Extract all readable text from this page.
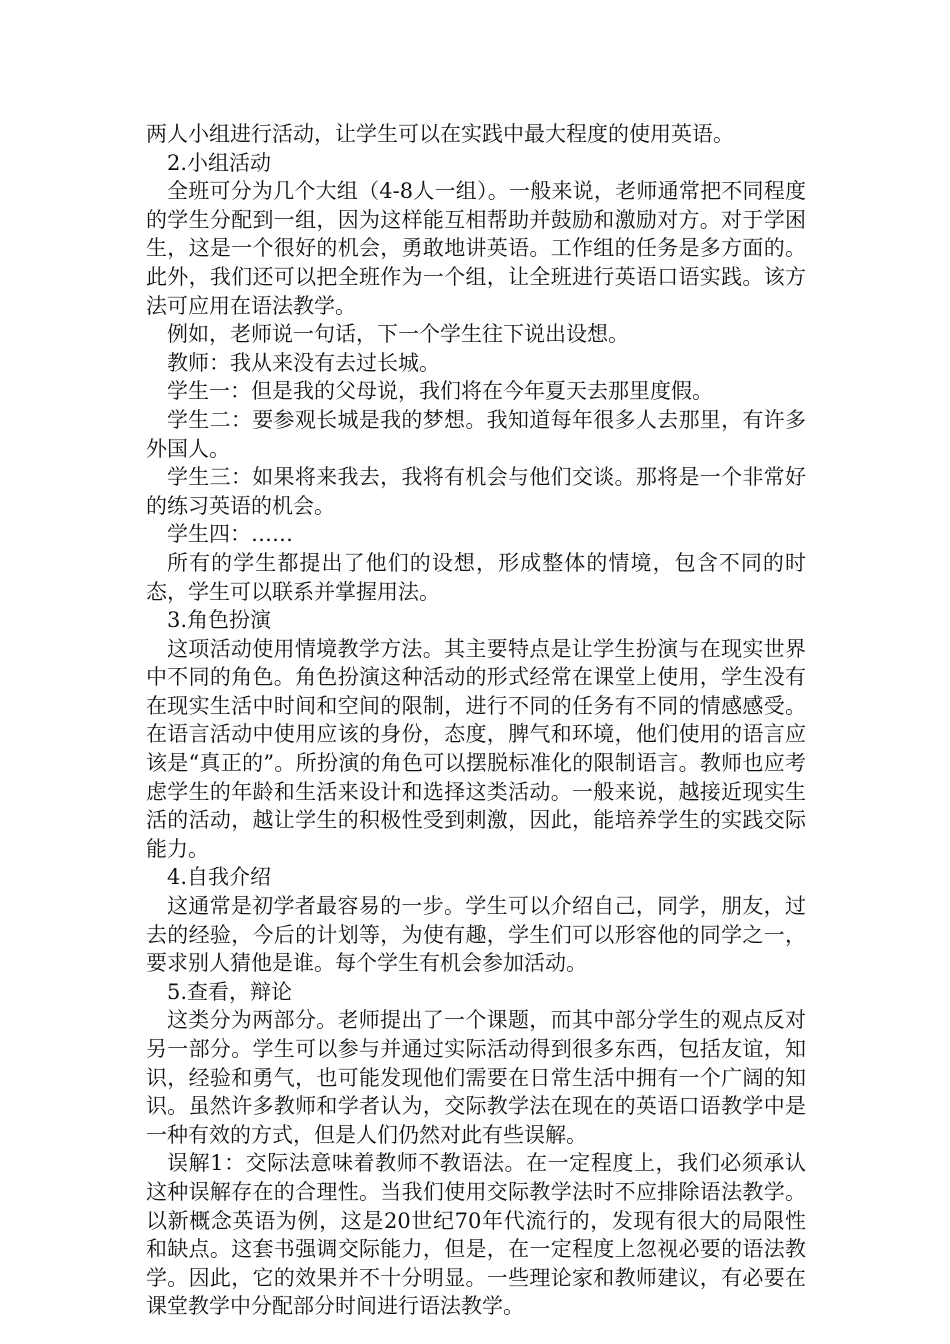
两人小组进行活动，让学生可以在实践中最大程度的使用英语。

2.小组活动

全班可分为几个大组（4-8人一组）。一般来说，老师通常把不同程度的学生分配到一组，因为这样能互相帮助并鼓励和激励对方。对于学困生，这是一个很好的机会，勇敢地讲英语。工作组的任务是多方面的。此外，我们还可以把全班作为一个组，让全班进行英语口语实践。该方法可应用在语法教学。

例如，老师说一句话，下一个学生往下说出设想。

教师：我从来没有去过长城。

学生一：但是我的父母说，我们将在今年夏天去那里度假。

学生二：要参观长城是我的梦想。我知道每年很多人去那里，有许多外国人。

学生三：如果将来我去，我将有机会与他们交谈。那将是一个非常好的练习英语的机会。

学生四：……

所有的学生都提出了他们的设想，形成整体的情境，包含不同的时态，学生可以联系并掌握用法。

3.角色扮演

这项活动使用情境教学方法。其主要特点是让学生扮演与在现实世界中不同的角色。角色扮演这种活动的形式经常在课堂上使用，学生没有在现实生活中时间和空间的限制，进行不同的任务有不同的情感感受。在语言活动中使用应该的身份，态度，脾气和环境，他们使用的语言应该是“真正的”。所扮演的角色可以摆脱标准化的限制语言。教师也应考虑学生的年龄和生活来设计和选择这类活动。一般来说，越接近现实生活的活动，越让学生的积极性受到刺激，因此，能培养学生的实践交际能力。

4.自我介绍

这通常是初学者最容易的一步。学生可以介绍自己，同学，朋友，过去的经验，今后的计划等，为使有趣，学生们可以形容他的同学之一，要求别人猜他是谁。每个学生有机会参加活动。

5.查看，辩论

这类分为两部分。老师提出了一个课题，而其中部分学生的观点反对另一部分。学生可以参与并通过实际活动得到很多东西，包括友谊，知识，经验和勇气，也可能发现他们需要在日常生活中拥有一个广阔的知识。虽然许多教师和学者认为，交际教学法在现在的英语口语教学中是一种有效的方式，但是人们仍然对此有些误解。

误解1：交际法意味着教师不教语法。在一定程度上，我们必须承认这种误解存在的合理性。当我们使用交际教学法时不应排除语法教学。以新概念英语为例，这是20世纪70年代流行的，发现有很大的局限性和缺点。这套书强调交际能力，但是，在一定程度上忽视必要的语法教学。因此，它的效果并不十分明显。一些理论家和教师建议，有必要在课堂教学中分配部分时间进行语法教学。
